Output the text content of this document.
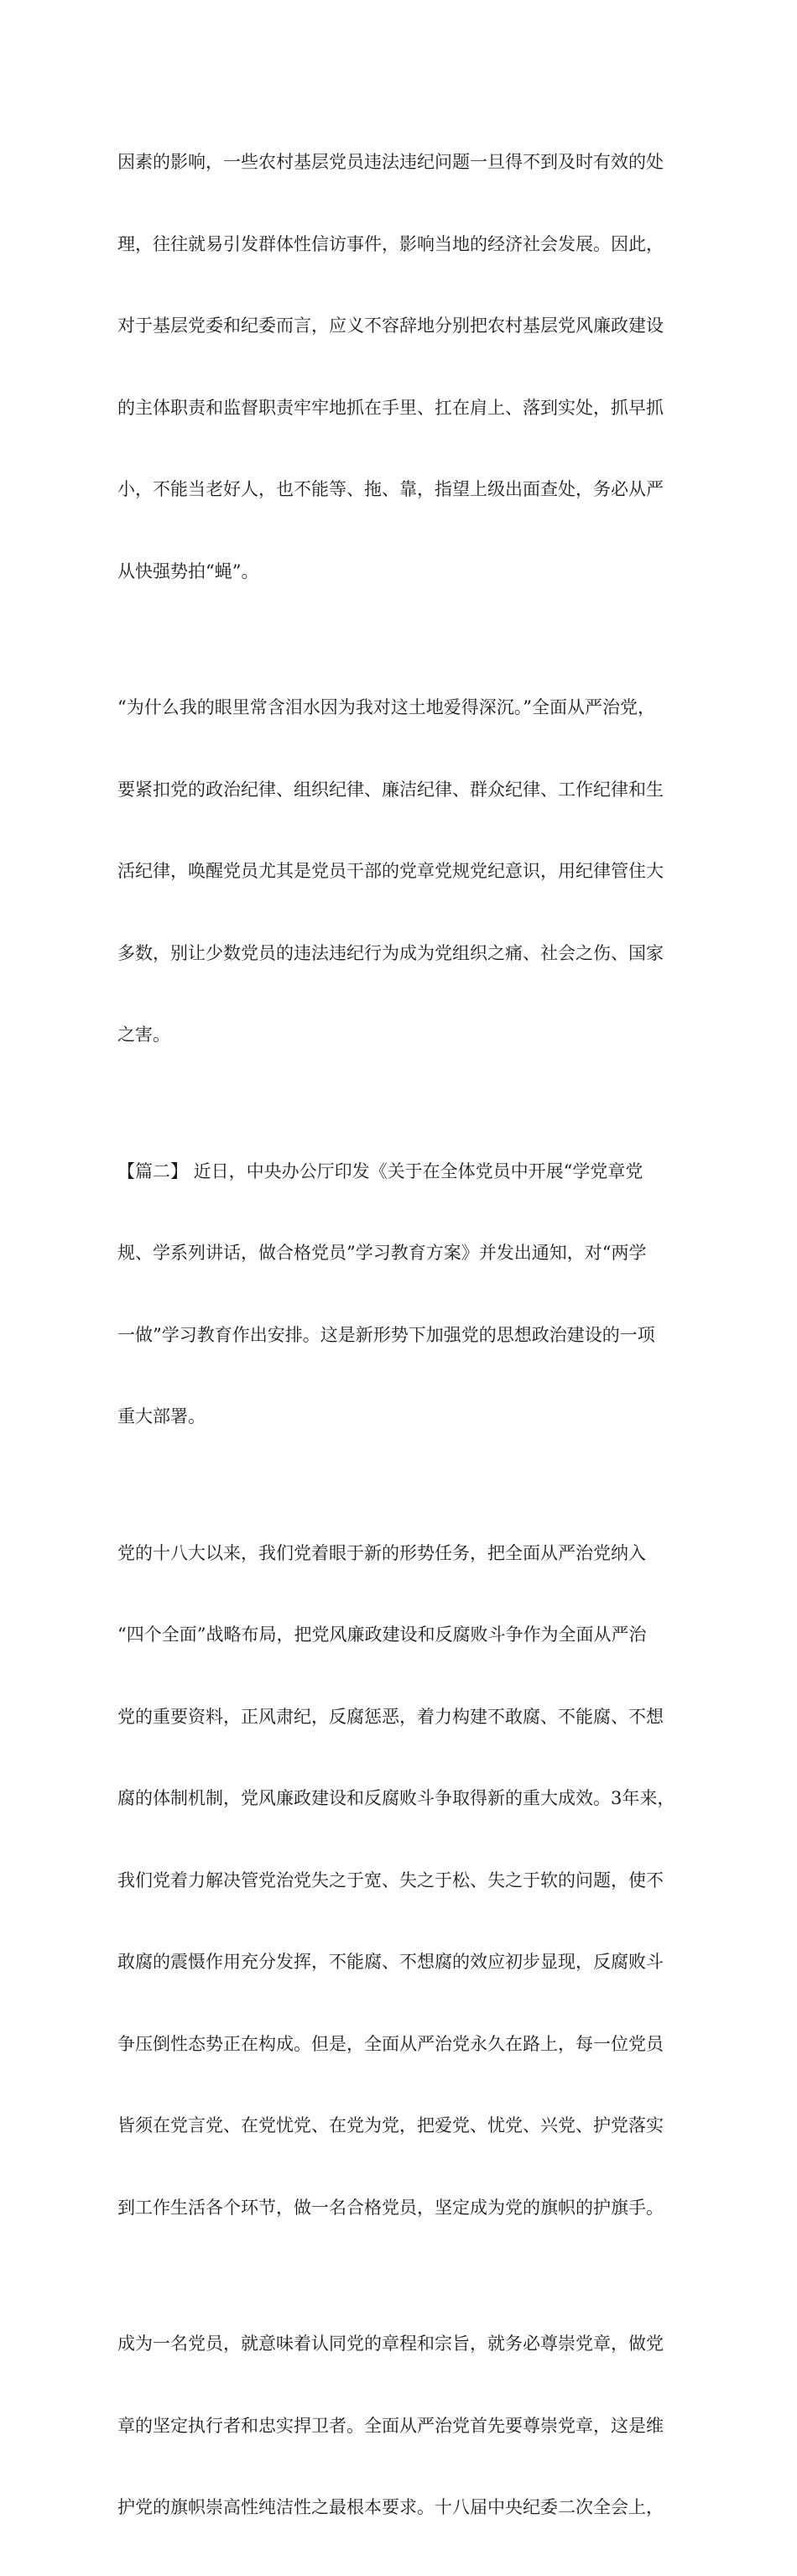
因素的影响，一些农村基层党员违法违纪问题一旦得不到及时有效的处

理，往往就易引发群体性信访事件，影响当地的经济社会发展。因此，

对于基层党委和纪委而言，应义不容辞地分别把农村基层党风廉政建设

的主体职责和监督职责牢牢地抓在手里、扛在肩上、落到实处，抓早抓

小，不能当老好人，也不能等、拖、靠，指望上级出面查处，务必从严

从快强势拍“蝇”。

“为什么我的眼里常含泪水因为我对这土地爱得深沉。”全面从严治党，

要紧扣党的政治纪律、组织纪律、廉洁纪律、群众纪律、工作纪律和生

活纪律，唤醒党员尤其是党员干部的党章党规党纪意识，用纪律管住大

多数，别让少数党员的违法违纪行为成为党组织之痛、社会之伤、国家

之害。

【篇二】 近日，中央办公厅印发《关于在全体党员中开展“学党章党

规、学系列讲话，做合格党员”学习教育方案》并发出通知，对“两学

一做”学习教育作出安排。这是新形势下加强党的思想政治建设的一项

重大部署。

党的十八大以来，我们党着眼于新的形势任务，把全面从严治党纳入

“四个全面”战略布局，把党风廉政建设和反腐败斗争作为全面从严治

党的重要资料，正风肃纪，反腐惩恶，着力构建不敢腐、不能腐、不想

腐的体制机制，党风廉政建设和反腐败斗争取得新的重大成效。3年来，

我们党着力解决管党治党失之于宽、失之于松、失之于软的问题，使不

敢腐的震慑作用充分发挥，不能腐、不想腐的效应初步显现，反腐败斗

争压倒性态势正在构成。但是，全面从严治党永久在路上，每一位党员

皆须在党言党、在党忧党、在党为党，把爱党、忧党、兴党、护党落实

到工作生活各个环节，做一名合格党员，坚定成为党的旗帜的护旗手。

成为一名党员，就意味着认同党的章程和宗旨，就务必尊崇党章，做党

章的坚定执行者和忠实捍卫者。全面从严治党首先要尊崇党章，这是维

护党的旗帜崇高性纯洁性之最根本要求。十八届中央纪委二次全会上，
